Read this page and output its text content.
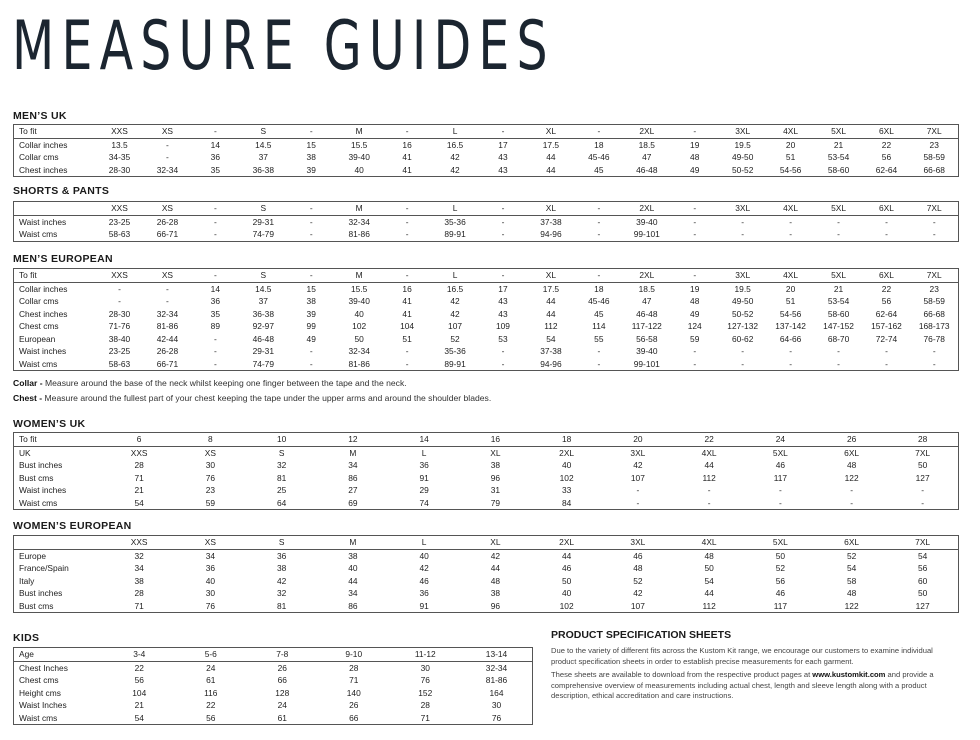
MEASURE GUIDES
MEN’S UK
To fit	XXS	XS	-	S	-	M	-	L	-	XL	-	2XL	-	3XL	4XL	5XL	6XL	7XL
Collar inches	13.5	-	14	14.5	15	15.5	16	16.5	17	17.5	18	18.5	19	19.5	20	21	22	23
Collar cms	34-35	-	36	37	38	39-40	41	42	43	44	45-46	47	48	49-50	51	53-54	56	58-59
Chest inches	28-30	32-34	35	36-38	39	40	41	42	43	44	45	46-48	49	50-52	54-56	58-60	62-64	66-68
SHORTS & PANTS
	XXS	XS	-	S	-	M	-	L	-	XL	-	2XL	-	3XL	4XL	5XL	6XL	7XL
Waist inches	23-25	26-28	-	29-31	-	32-34	-	35-36	-	37-38	-	39-40	-	-	-	-	-	-
Waist cms	58-63	66-71	-	74-79	-	81-86	-	89-91	-	94-96	-	99-101	-	-	-	-	-	-
MEN’S EUROPEAN
To fit	XXS	XS	-	S	-	M	-	L	-	XL	-	2XL	-	3XL	4XL	5XL	6XL	7XL
Collar inches	-	-	14	14.5	15	15.5	16	16.5	17	17.5	18	18.5	19	19.5	20	21	22	23
Collar cms	-	-	36	37	38	39-40	41	42	43	44	45-46	47	48	49-50	51	53-54	56	58-59
Chest inches	28-30	32-34	35	36-38	39	40	41	42	43	44	45	46-48	49	50-52	54-56	58-60	62-64	66-68
Chest cms	71-76	81-86	89	92-97	99	102	104	107	109	112	114	117-122	124	127-132	137-142	147-152	157-162	168-173
European	38-40	42-44	-	46-48	49	50	51	52	53	54	55	56-58	59	60-62	64-66	68-70	72-74	76-78
Waist inches	23-25	26-28	-	29-31	-	32-34	-	35-36	-	37-38	-	39-40	-	-	-	-	-	-
Waist cms	58-63	66-71	-	74-79	-	81-86	-	89-91	-	94-96	-	99-101	-	-	-	-	-	-
Collar - Measure around the base of the neck whilst keeping one finger between the tape and the neck.
Chest - Measure around the fullest part of your chest keeping the tape under the upper arms and around the shoulder blades.
WOMEN’S UK
To fit	6	8	10	12	14	16	18	20	22	24	26	28
UK	XXS	XS	S	M	L	XL	2XL	3XL	4XL	5XL	6XL	7XL
Bust inches	28	30	32	34	36	38	40	42	44	46	48	50
Bust cms	71	76	81	86	91	96	102	107	112	117	122	127
Waist inches	21	23	25	27	29	31	33	-	-	-	-	-
Waist cms	54	59	64	69	74	79	84	-	-	-	-	-
WOMEN’S EUROPEAN
	XXS	XS	S	M	L	XL	2XL	3XL	4XL	5XL	6XL	7XL
Europe	32	34	36	38	40	42	44	46	48	50	52	54
France/Spain	34	36	38	40	42	44	46	48	50	52	54	56
Italy	38	40	42	44	46	48	50	52	54	56	58	60
Bust inches	28	30	32	34	36	38	40	42	44	46	48	50
Bust cms	71	76	81	86	91	96	102	107	112	117	122	127
KIDS
Age	3-4	5-6	7-8	9-10	11-12	13-14
Chest Inches	22	24	26	28	30	32-34
Chest cms	56	61	66	71	76	81-86
Height cms	104	116	128	140	152	164
Waist Inches	21	22	24	26	28	30
Waist cms	54	56	61	66	71	76
PRODUCT SPECIFICATION SHEETS

Due to the variety of different fits across the Kustom Kit range, we encourage our customers to examine individual product specification sheets in order to establish precise measurements for each garment.

These sheets are available to download from the respective product pages at www.kustomkit.com and provide a comprehensive overview of measurements including actual chest, length and sleeve length along with a product description, ethical accreditation and care instructions.
